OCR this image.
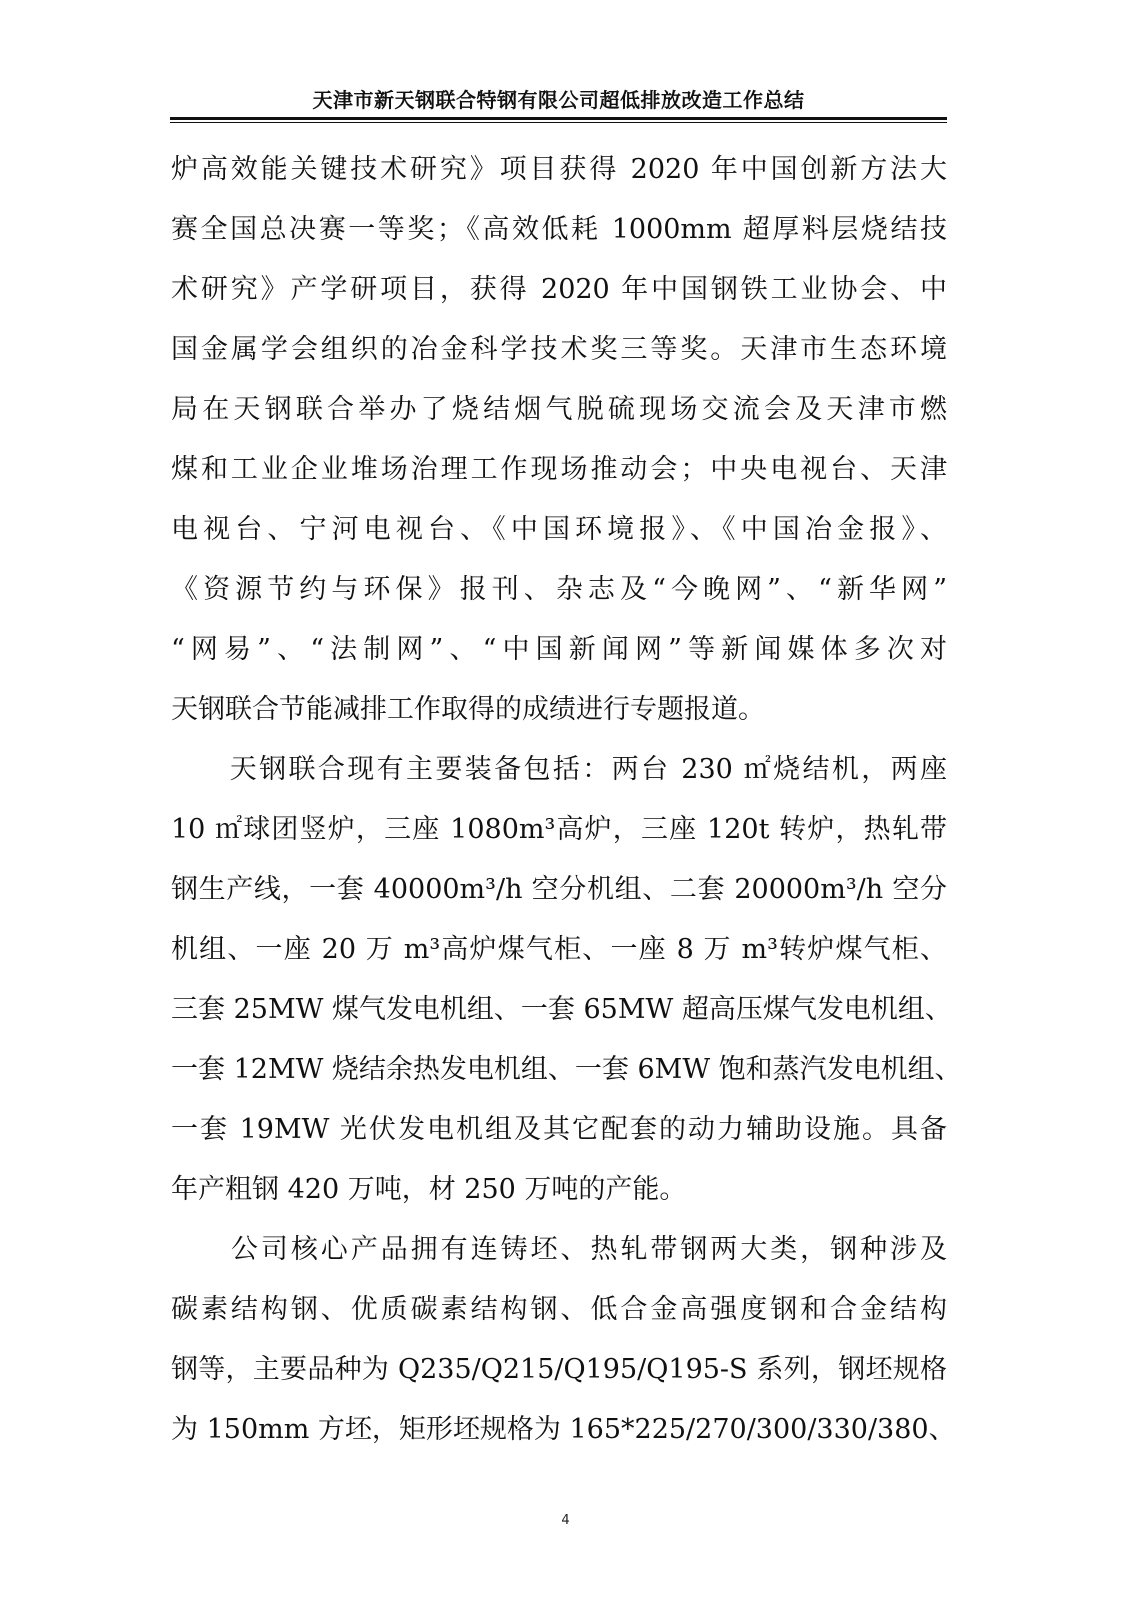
天津市新天钢联合特钢有限公司超低排放改造工作总结
炉高效能关键技术研究》项目获得 2020 年中国创新方法大
赛全国总决赛一等奖；《高效低耗 1000mm 超厚料层烧结技
术研究》产学研项目，获得 2020 年中国钢铁工业协会、中
国金属学会组织的冶金科学技术奖三等奖。天津市生态环境
局在天钢联合举办了烧结烟气脱硫现场交流会及天津市燃
煤和工业企业堆场治理工作现场推动会；中央电视台、天津
电视台、宁河电视台、《中国环境报》、《中国冶金报》、
《资源节约与环保》报刊、杂志及“今晚网”、“新华网”
“网易”、“法制网”、“中国新闻网”等新闻媒体多次对
天钢联合节能减排工作取得的成绩进行专题报道。
　　天钢联合现有主要装备包括：两台 230 ㎡烧结机，两座
10 ㎡球团竖炉，三座 1080m³高炉，三座 120t 转炉，热轧带
钢生产线，一套 40000m³/h 空分机组、二套 20000m³/h 空分
机组、一座 20 万 m³高炉煤气柜、一座 8 万 m³转炉煤气柜、
三套 25MW 煤气发电机组、一套 65MW 超高压煤气发电机组、
一套 12MW 烧结余热发电机组、一套 6MW 饱和蒸汽发电机组、
一套 19MW 光伏发电机组及其它配套的动力辅助设施。具备
年产粗钢 420 万吨，材 250 万吨的产能。
　　公司核心产品拥有连铸坯、热轧带钢两大类，钢种涉及
碳素结构钢、优质碳素结构钢、低合金高强度钢和合金结构
钢等，主要品种为 Q235/Q215/Q195/Q195-S 系列，钢坯规格
为 150mm 方坯，矩形坯规格为 165*225/270/300/330/380、
4
